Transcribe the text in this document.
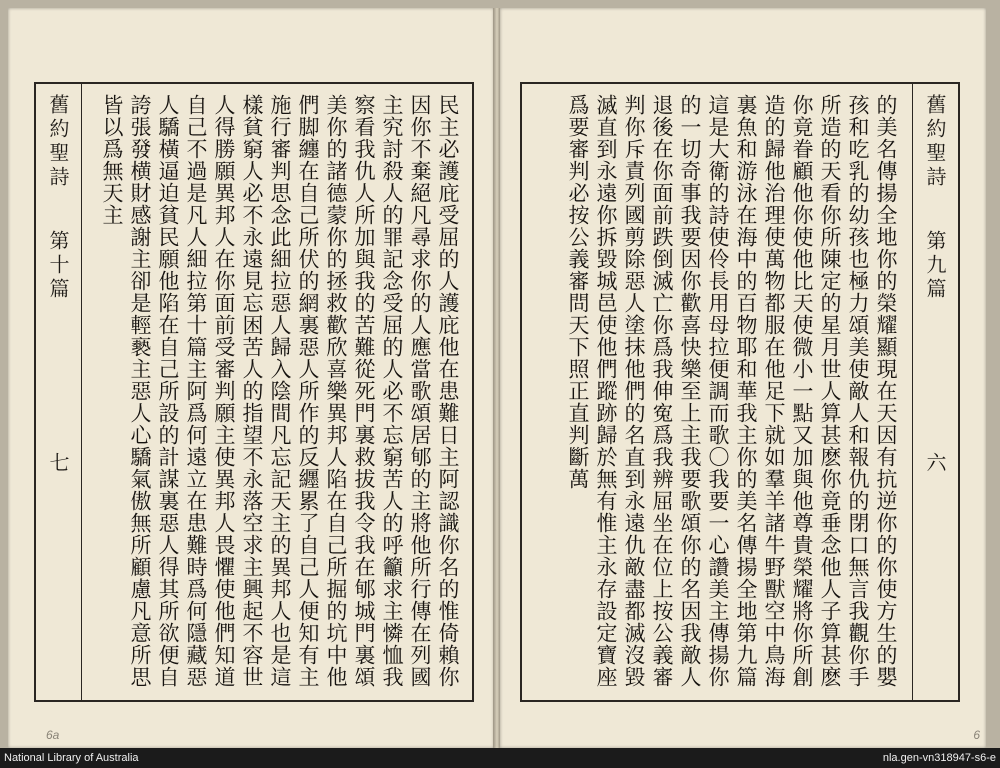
民主必護庇受屈的人護庇他在患難日主阿認識你名的惟倚賴你因你不棄絕凡尋求你的人應當歌頌居郇的主將他所行傳在列國主究討殺人的罪記念受屈的人必不忘窮苦人的呼籲求主憐恤我察看我仇人所加與我的苦難從死門裏救拔我令我在郇城門裏頌美你的諸德蒙你的拯救歡欣喜樂異邦人陷在自己所掘的坑中他們脚纏在自己所伏的網裏惡人所作的反纒累了自己人便知有主施行審判思念此細拉惡人歸入陰間凡忘記天主的異邦人也是這樣貧窮人必不永遠見忘困苦人的指望不永落空求主興起不容世人得勝願異邦人在你面前受審判願主使異邦人畏懼使他們知道自己不過是凡人細拉第十篇主阿爲何遠立在患難時爲何隱藏惡人驕橫逼迫貧民願他陷在自己所設的計謀裏惡人得其所欲便自誇張發横財感謝主卻是輕褻主惡人心驕氣傲無所顧慮凡意所思皆以爲無天主

舊約聖詩
第十篇
七
6a
舊約聖詩
第九篇
六

的美名傳揚全地你的榮耀顯現在天因有抗逆你的你使方生的嬰孩和吃乳的幼孩也極力頌美使敵人和報仇的閉口無言我觀你手所造的天看你所陳定的星月世人算甚麽你竟垂念他人子算甚麽你竟眷顧他你使他比天使微小一點又加與他尊貴榮耀將你所創造的歸他治理使萬物都服在他足下就如羣羊諸牛野獸空中鳥海裏魚和游泳在海中的百物耶和華我主你的美名傳揚全地第九篇這是大衛的詩使伶長用母拉便調而歌〇我要一心讚美主傳揚你的一切奇事我要因你歡喜快樂至上主我要歌頌你的名因我敵人退後在你面前跌倒滅亡你爲我伸寃爲我辨屈坐在位上按公義審判你斥責列國剪除惡人塗抹他們的名直到永遠仇敵盡都滅沒毀滅直到永遠你拆毀城邑使他們蹤跡歸於無有惟主永存設定寶座爲要審判必按公義審問天下照正直判斷萬

6
National Library of Australia	nla.gen-vn318947-s6-e
